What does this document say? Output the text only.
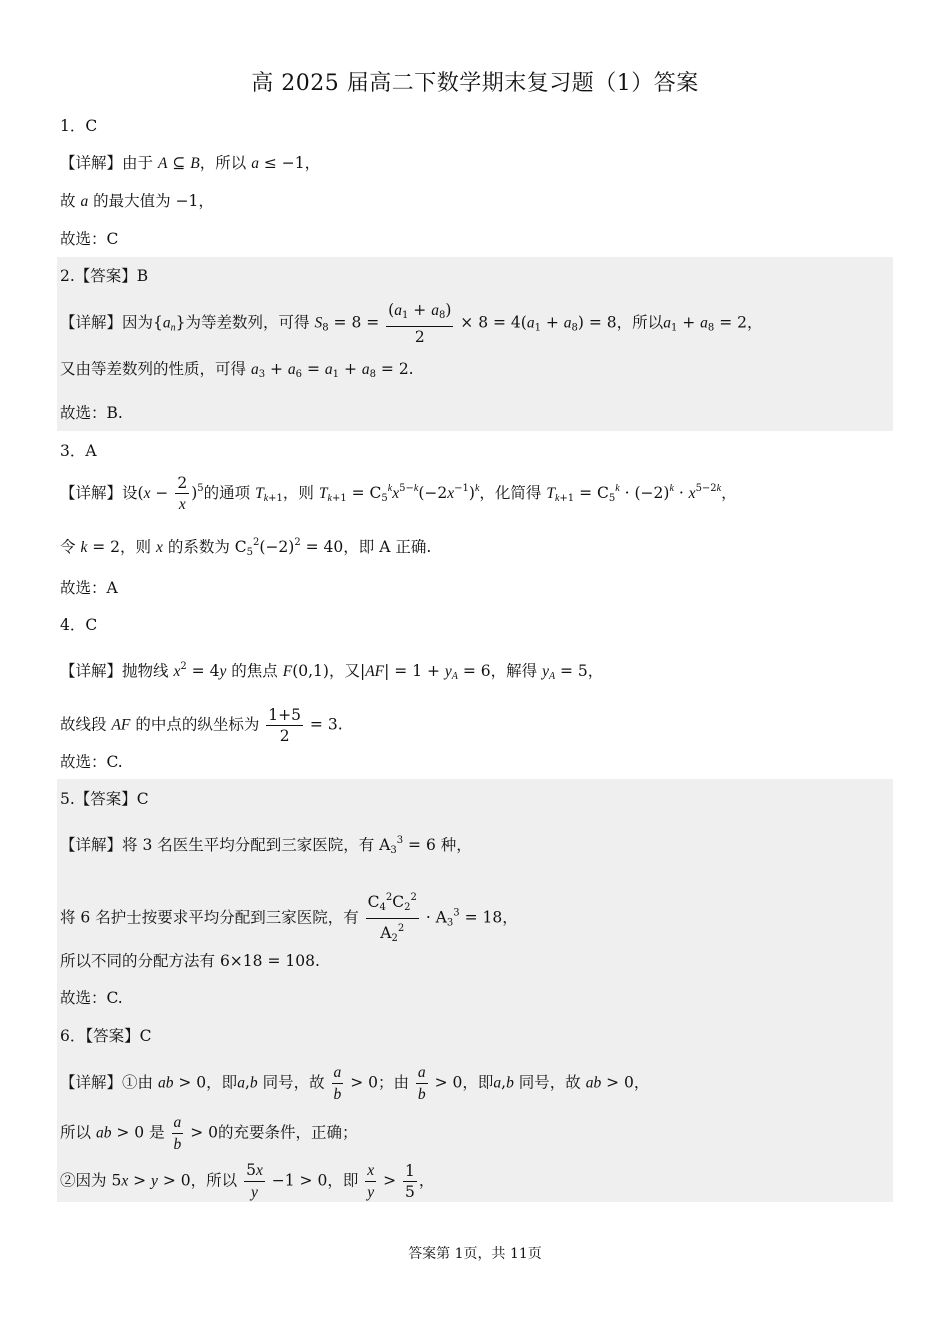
高 2025 届高二下数学期末复习题（1）答案
1．C
【详解】由于 A ⊆ B，所以 a ≤ −1，
故 a 的最大值为 −1，
故选：C
2.【答案】B
【详解】因为$\{a_n\}$为等差数列，可得 $S_8 = 8 = \frac{(a_1 + a_8)}{2} \times 8 = 4(a_1 + a_8) = 8$，所以$a_1 + a_8 = 2$，
又由等差数列的性质，可得 $a_3 + a_6 = a_1 + a_8 = 2$.
故选：B.
3．A
【详解】设$(x - \frac{2}{x} )^5$的通项 $T_{k+1}$，则 $T_{k+1} = C_5^kx^{5-k}(-2x^{-1})^k$，化简得 $T_{k+1} = C_5^k \cdot (-2)^k \cdot x^{5-2k}$，
令 k = 2，则 x 的系数为 $C_5^2(-2)^2 = 40$，即 A 正确.
故选：A
4．C
【详解】抛物线 $x^2 = 4y$ 的焦点 F(0,1)，又$|AF| = 1 + y_A = 6$，解得 $y_A = 5$，
故线段 AF 的中点的纵坐标为 $\frac{1+5}{2} = 3$.
故选：C.
5.【答案】C
【详解】将 3 名医生平均分配到三家医院，有 $A_3^3 = 6$ 种，
将 6 名护士按要求平均分配到三家医院，有 $\frac{C_4^2C_2^2}{A_2^2} \cdot A_3^3 = 18$，
所以不同的分配方法有 6×18 = 108.
故选：C.
6．【答案】C
【详解】①由 ab > 0，即a,b 同号，故 $\frac{a}{b} > 0$；由 $\frac{a}{b} > 0$，即a,b 同号，故 ab > 0，
所以 ab > 0 是 $\frac{a}{b} > 0$的充要条件，正确；
②因为 5x > y > 0，所以 $\frac{5x}{y} -1 > 0$，即 $\frac{x}{y} > \frac{1}{5}$ ，
答案第 1页，共 11页
